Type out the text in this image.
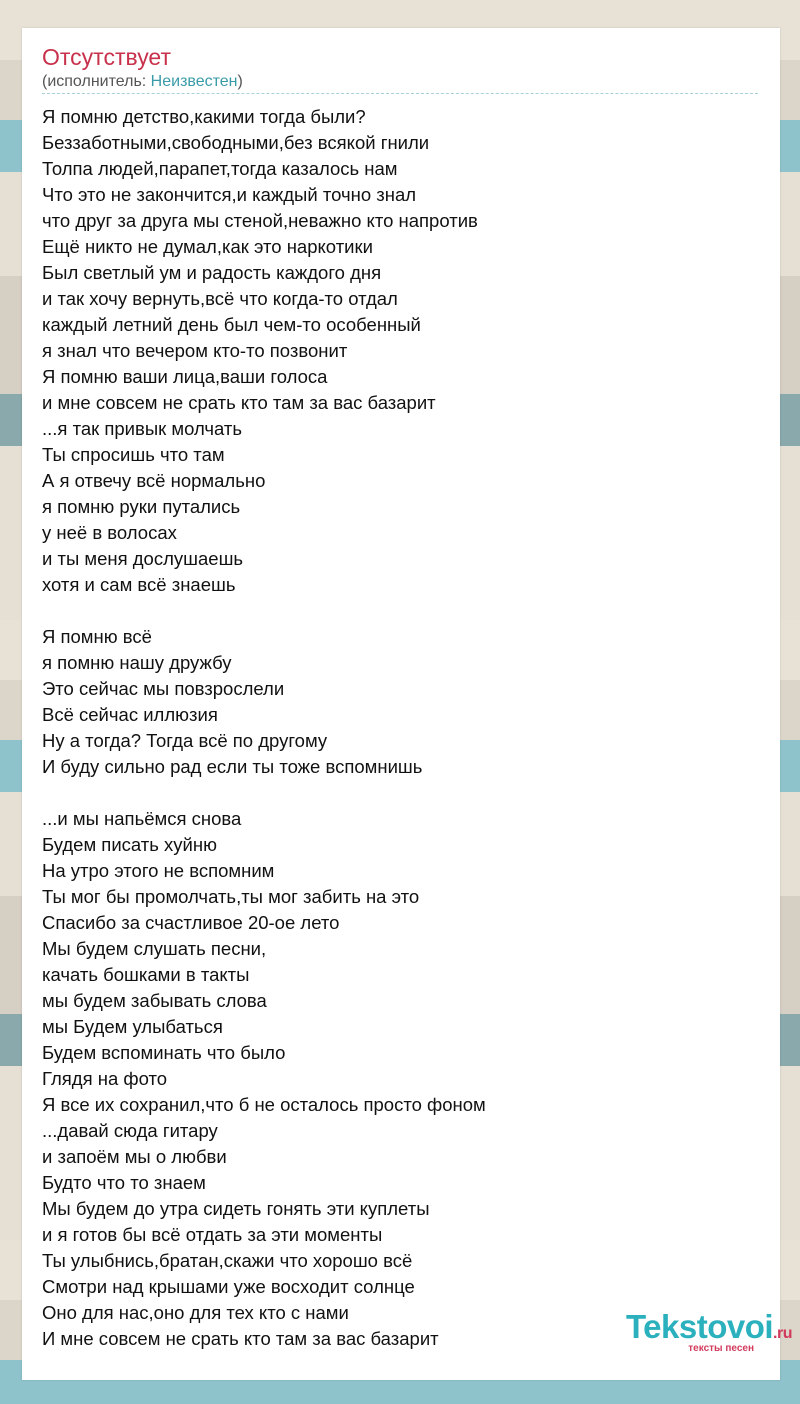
Отсутствует
(исполнитель: Неизвестен)
Я помню детство,какими тогда были?
Беззаботными,свободными,без всякой гнили
Толпа людей,парапет,тогда казалось нам
Что это не закончится,и каждый точно знал
что друг за друга мы стеной,неважно кто напротив
Ещё никто не думал,как это наркотики
Был светлый ум и радость каждого дня
и так хочу вернуть,всё что когда-то отдал
каждый летний день был чем-то особенный
я знал что вечером кто-то позвонит
Я помню ваши лица,ваши голоса
и мне совсем не срать кто там за вас базарит
...я так привык молчать
Ты спросишь что там
А я отвечу всё нормально
я помню руки путались
у неё в волосах
и ты меня дослушаешь
хотя и сам всё знаешь
Я помню всё
я помню нашу дружбу
Это сейчас мы повзрослели
Всё сейчас иллюзия
Ну а тогда? Тогда всё по другому
И буду сильно рад если ты тоже вспомнишь
...и мы напьёмся снова
Будем писать хуйню
На утро этого не вспомним
Ты мог бы промолчать,ты мог забить на это
Спасибо за счастливое 20-ое лето
Мы будем слушать песни,
качать бошками в такты
мы будем забывать слова
мы Будем улыбаться
Будем вспоминать что было
Глядя на фото
Я все их сохранил,что б не осталось просто фоном
...давай сюда гитару
и запоём мы о любви
Будто что то знаем
Мы будем до утра сидеть гонять эти куплеты
и я готов бы всё отдать за эти моменты
Ты улыбнись,братан,скажи что хорошо всё
Смотри над крышами уже восходит солнце
Оно для нас,оно для тех кто с нами
И мне совсем не срать кто там за вас базарит	Tekstovoi.ru
тексты песен
